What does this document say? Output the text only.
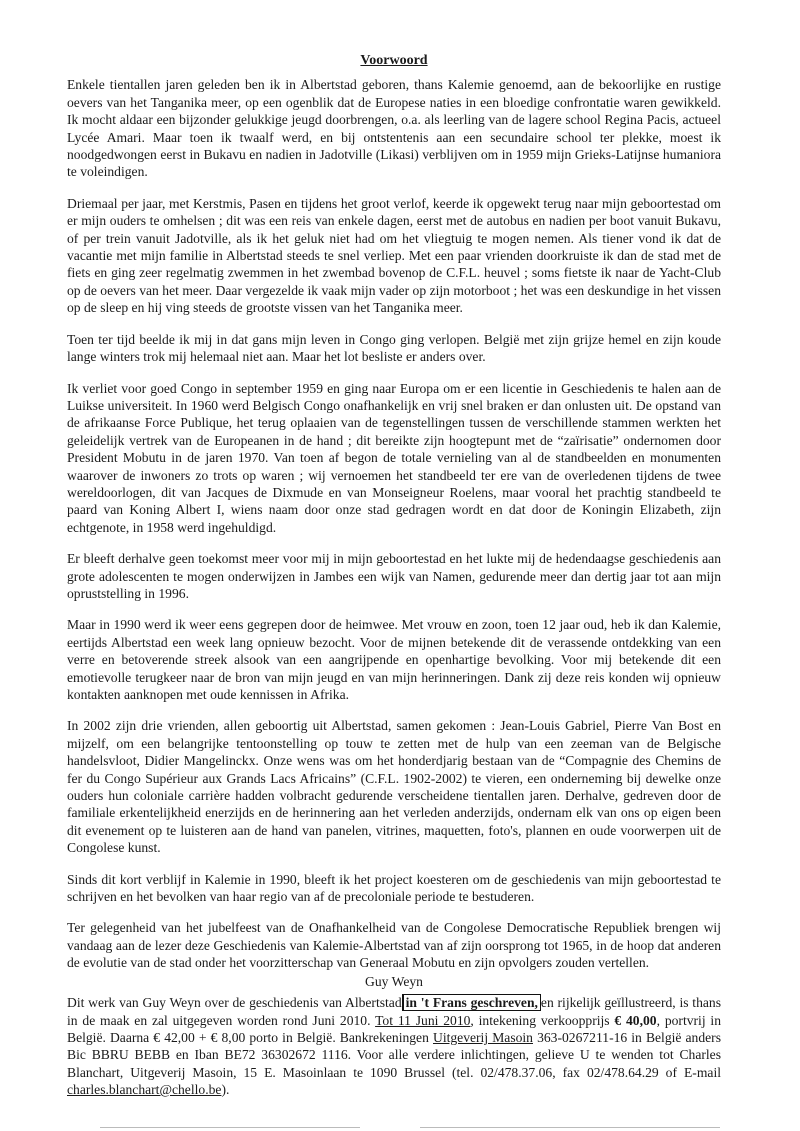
Voorwoord

Enkele tientallen jaren geleden ben ik in Albertstad geboren, thans Kalemie genoemd, aan de bekoorlijke en rustige oevers van het Tanganika meer, op een ogenblik dat de Europese naties in een bloedige confrontatie waren gewikkeld. Ik mocht aldaar een bijzonder gelukkige jeugd doorbrengen, o.a. als leerling van de lagere school Regina Pacis, actueel Lycée Amari. Maar toen ik twaalf werd, en bij ontstentenis aan een secundaire school ter plekke, moest ik noodgedwongen eerst in Bukavu en nadien in Jadotville (Likasi) verblijven om in 1959 mijn Grieks-Latijnse humaniora te voleindigen.

Driemaal per jaar, met Kerstmis, Pasen en tijdens het groot verlof, keerde ik opgewekt terug naar mijn geboortestad om er mijn ouders te omhelsen ; dit was een reis van enkele dagen, eerst met de autobus en nadien per boot vanuit Bukavu, of per trein vanuit Jadotville, als ik het geluk niet had om het vliegtuig te mogen nemen. Als tiener vond ik dat de vacantie met mijn familie in Albertstad steeds te snel verliep. Met een paar vrienden doorkruiste ik dan de stad met de fiets en ging zeer regelmatig zwemmen in het zwembad bovenop de C.F.L. heuvel ; soms fietste ik naar de Yacht-Club op de oevers van het meer. Daar vergezelde ik vaak mijn vader op zijn motorboot ; het was een deskundige in het vissen op de sleep en hij ving steeds de grootste vissen van het Tanganika meer.

Toen ter tijd beelde ik mij in dat gans mijn leven in Congo ging verlopen. België met zijn grijze hemel en zijn koude lange winters trok mij helemaal niet aan. Maar het lot besliste er anders over.

Ik verliet voor goed Congo in september 1959 en ging naar Europa om er een licentie in Geschiedenis te halen aan de Luikse universiteit. In 1960 werd Belgisch Congo onafhankelijk en vrij snel braken er dan onlusten uit. De opstand van de afrikaanse Force Publique, het terug oplaaien van de tegenstellingen tussen de verschillende stammen werkten het geleidelijk vertrek van de Europeanen in de hand ; dit bereikte zijn hoogtepunt met de “zaïrisatie” ondernomen door President Mobutu in de jaren 1970. Van toen af begon de totale vernieling van al de standbeelden en monumenten waarover de inwoners zo trots op waren ; wij vernoemen het standbeeld ter ere van de overledenen tijdens de twee wereldoorlogen, dit van Jacques de Dixmude en van Monseigneur Roelens, maar vooral het prachtig standbeeld te paard van Koning Albert I, wiens naam door onze stad gedragen wordt en dat door de Koningin Elizabeth, zijn echtgenote, in 1958 werd ingehuldigd.

Er bleeft derhalve geen toekomst meer voor mij in mijn geboortestad en het lukte mij de hedendaagse geschiedenis aan grote adolescenten te mogen onderwijzen in Jambes een wijk van Namen, gedurende meer dan dertig jaar tot aan mijn opruststelling in 1996.

Maar in 1990 werd ik weer eens gegrepen door de heimwee. Met vrouw en zoon, toen 12 jaar oud, heb ik dan Kalemie, eertijds Albertstad een week lang opnieuw bezocht. Voor de mijnen betekende dit de verassende ontdekking van een verre en betoverende streek alsook van een aangrijpende en openhartige bevolking. Voor mij betekende dit een emotievolle terugkeer naar de bron van mijn jeugd en van mijn herinneringen. Dank zij deze reis konden wij opnieuw kontakten aanknopen met oude kennissen in Afrika.

In 2002 zijn drie vrienden, allen geboortig uit Albertstad, samen gekomen : Jean-Louis Gabriel, Pierre Van Bost en mijzelf, om een belangrijke tentoonstelling op touw te zetten met de hulp van een zeeman van de Belgische handelsvloot, Didier Mangelinckx. Onze wens was om het honderdjarig bestaan van de “Compagnie des Chemins de fer du Congo Supérieur aux Grands Lacs Africains” (C.F.L. 1902-2002) te vieren, een onderneming bij dewelke onze ouders hun coloniale carrière hadden volbracht gedurende verscheidene tientallen jaren. Derhalve, gedreven door de familiale erkentelijkheid enerzijds en de herinnering aan het verleden anderzijds, ondernam elk van ons op eigen been dit evenement op te luisteren aan de hand van panelen, vitrines, maquetten, foto's, plannen en oude voorwerpen uit de Congolese kunst.

Sinds dit kort verblijf in Kalemie in 1990, bleeft ik het project koesteren om de geschiedenis van mijn geboortestad te schrijven en het bevolken van haar regio van af de precoloniale periode te bestuderen.

Ter gelegenheid van het jubelfeest van de Onafhankelheid van de Congolese Democratische Republiek brengen wij vandaag aan de lezer deze Geschiedenis van Kalemie-Albertstad van af zijn oorsprong tot 1965, in de hoop dat anderen de evolutie van de stad onder het voorzitterschap van Generaal Mobutu en zijn opvolgers zouden vertellen.

Guy Weyn

Dit werk van Guy Weyn over de geschiedenis van Albertstad in 't Frans geschreven, en rijkelijk geïllustreerd, is thans in de maak en zal uitgegeven worden rond Juni 2010. Tot 11 Juni 2010, intekening verkoopprijs € 40,00, portvrij in België. Daarna € 42,00 + € 8,00 porto in België. Bankrekeningen Uitgeverij Masoin 363-0267211-16 in België anders Bic BBRU BEBB en Iban BE72 36302672 1116. Voor alle verdere inlichtingen, gelieve U te wenden tot Charles Blanchart, Uitgeverij Masoin, 15 E. Masoinlaan te 1090 Brussel (tel. 02/478.37.06, fax 02/478.64.29 of E-mail charles.blanchart@chello.be).
